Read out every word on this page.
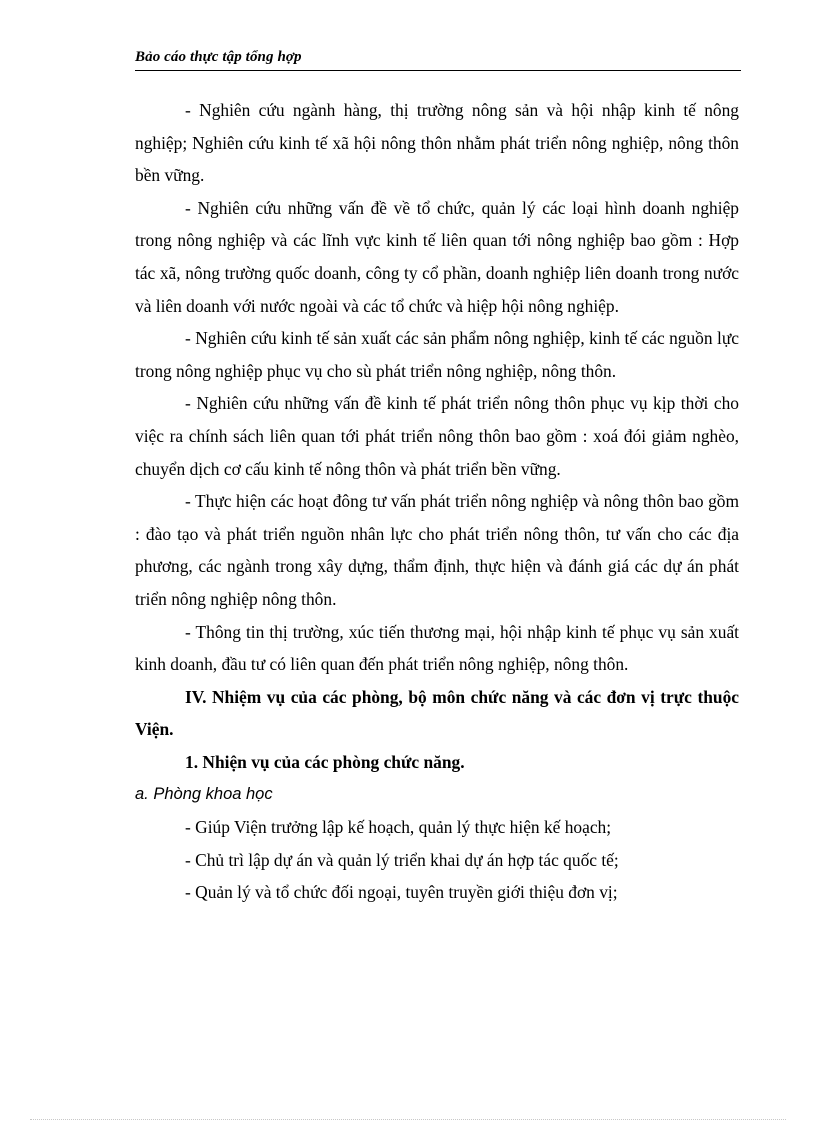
Bảo cáo thực tập tổng hợp

- Nghiên cứu ngành hàng, thị trường nông sản và hội nhập kinh tế nông nghiệp; Nghiên cứu kinh tế xã hội nông thôn nhằm phát triển nông nghiệp, nông thôn bền vững.

- Nghiên cứu những vấn đề về tổ chức, quản lý các loại hình doanh nghiệp trong nông nghiệp và các lĩnh vực kinh tế liên quan tới nông nghiệp bao gồm : Hợp tác xã, nông trường quốc doanh, công ty cổ phần, doanh nghiệp liên doanh trong nước và liên doanh với nước ngoài và các tổ chức và hiệp hội nông nghiệp.

- Nghiên cứu kinh tế sản xuất các sản phẩm nông nghiệp, kinh tế các nguồn lực trong nông nghiệp phục vụ cho sù phát triển nông nghiệp, nông thôn.

- Nghiên cứu những vấn đề kinh tế phát triển nông thôn phục vụ kịp thời cho việc ra chính sách liên quan tới phát triển nông thôn bao gồm : xoá đói giảm nghèo, chuyển dịch cơ cấu kinh tế nông thôn và phát triển bền vững.

- Thực hiện các hoạt đông tư vấn phát triển nông nghiệp và nông thôn bao gồm : đào tạo và phát triển nguồn nhân lực cho phát triển nông thôn, tư vấn cho các địa phương, các ngành trong xây dựng, thẩm định, thực hiện và đánh giá các dự án phát triển nông nghiệp nông thôn.

- Thông tin thị trường, xúc tiến thương mại, hội nhập kinh tế phục vụ sản xuất kinh doanh, đầu tư có liên quan đến phát triển nông nghiệp, nông thôn.

IV. Nhiệm vụ của các phòng, bộ môn chức năng và các đơn vị trực thuộc Viện.

1. Nhiện vụ của các phòng chức năng.

a. Phòng khoa học

- Giúp Viện trưởng lập kế hoạch, quản lý thực hiện kế hoạch;

- Chủ trì lập dự án và quản lý triển khai dự án hợp tác quốc tế;

- Quản lý và tổ chức đối ngoại, tuyên truyền giới thiệu đơn vị;
